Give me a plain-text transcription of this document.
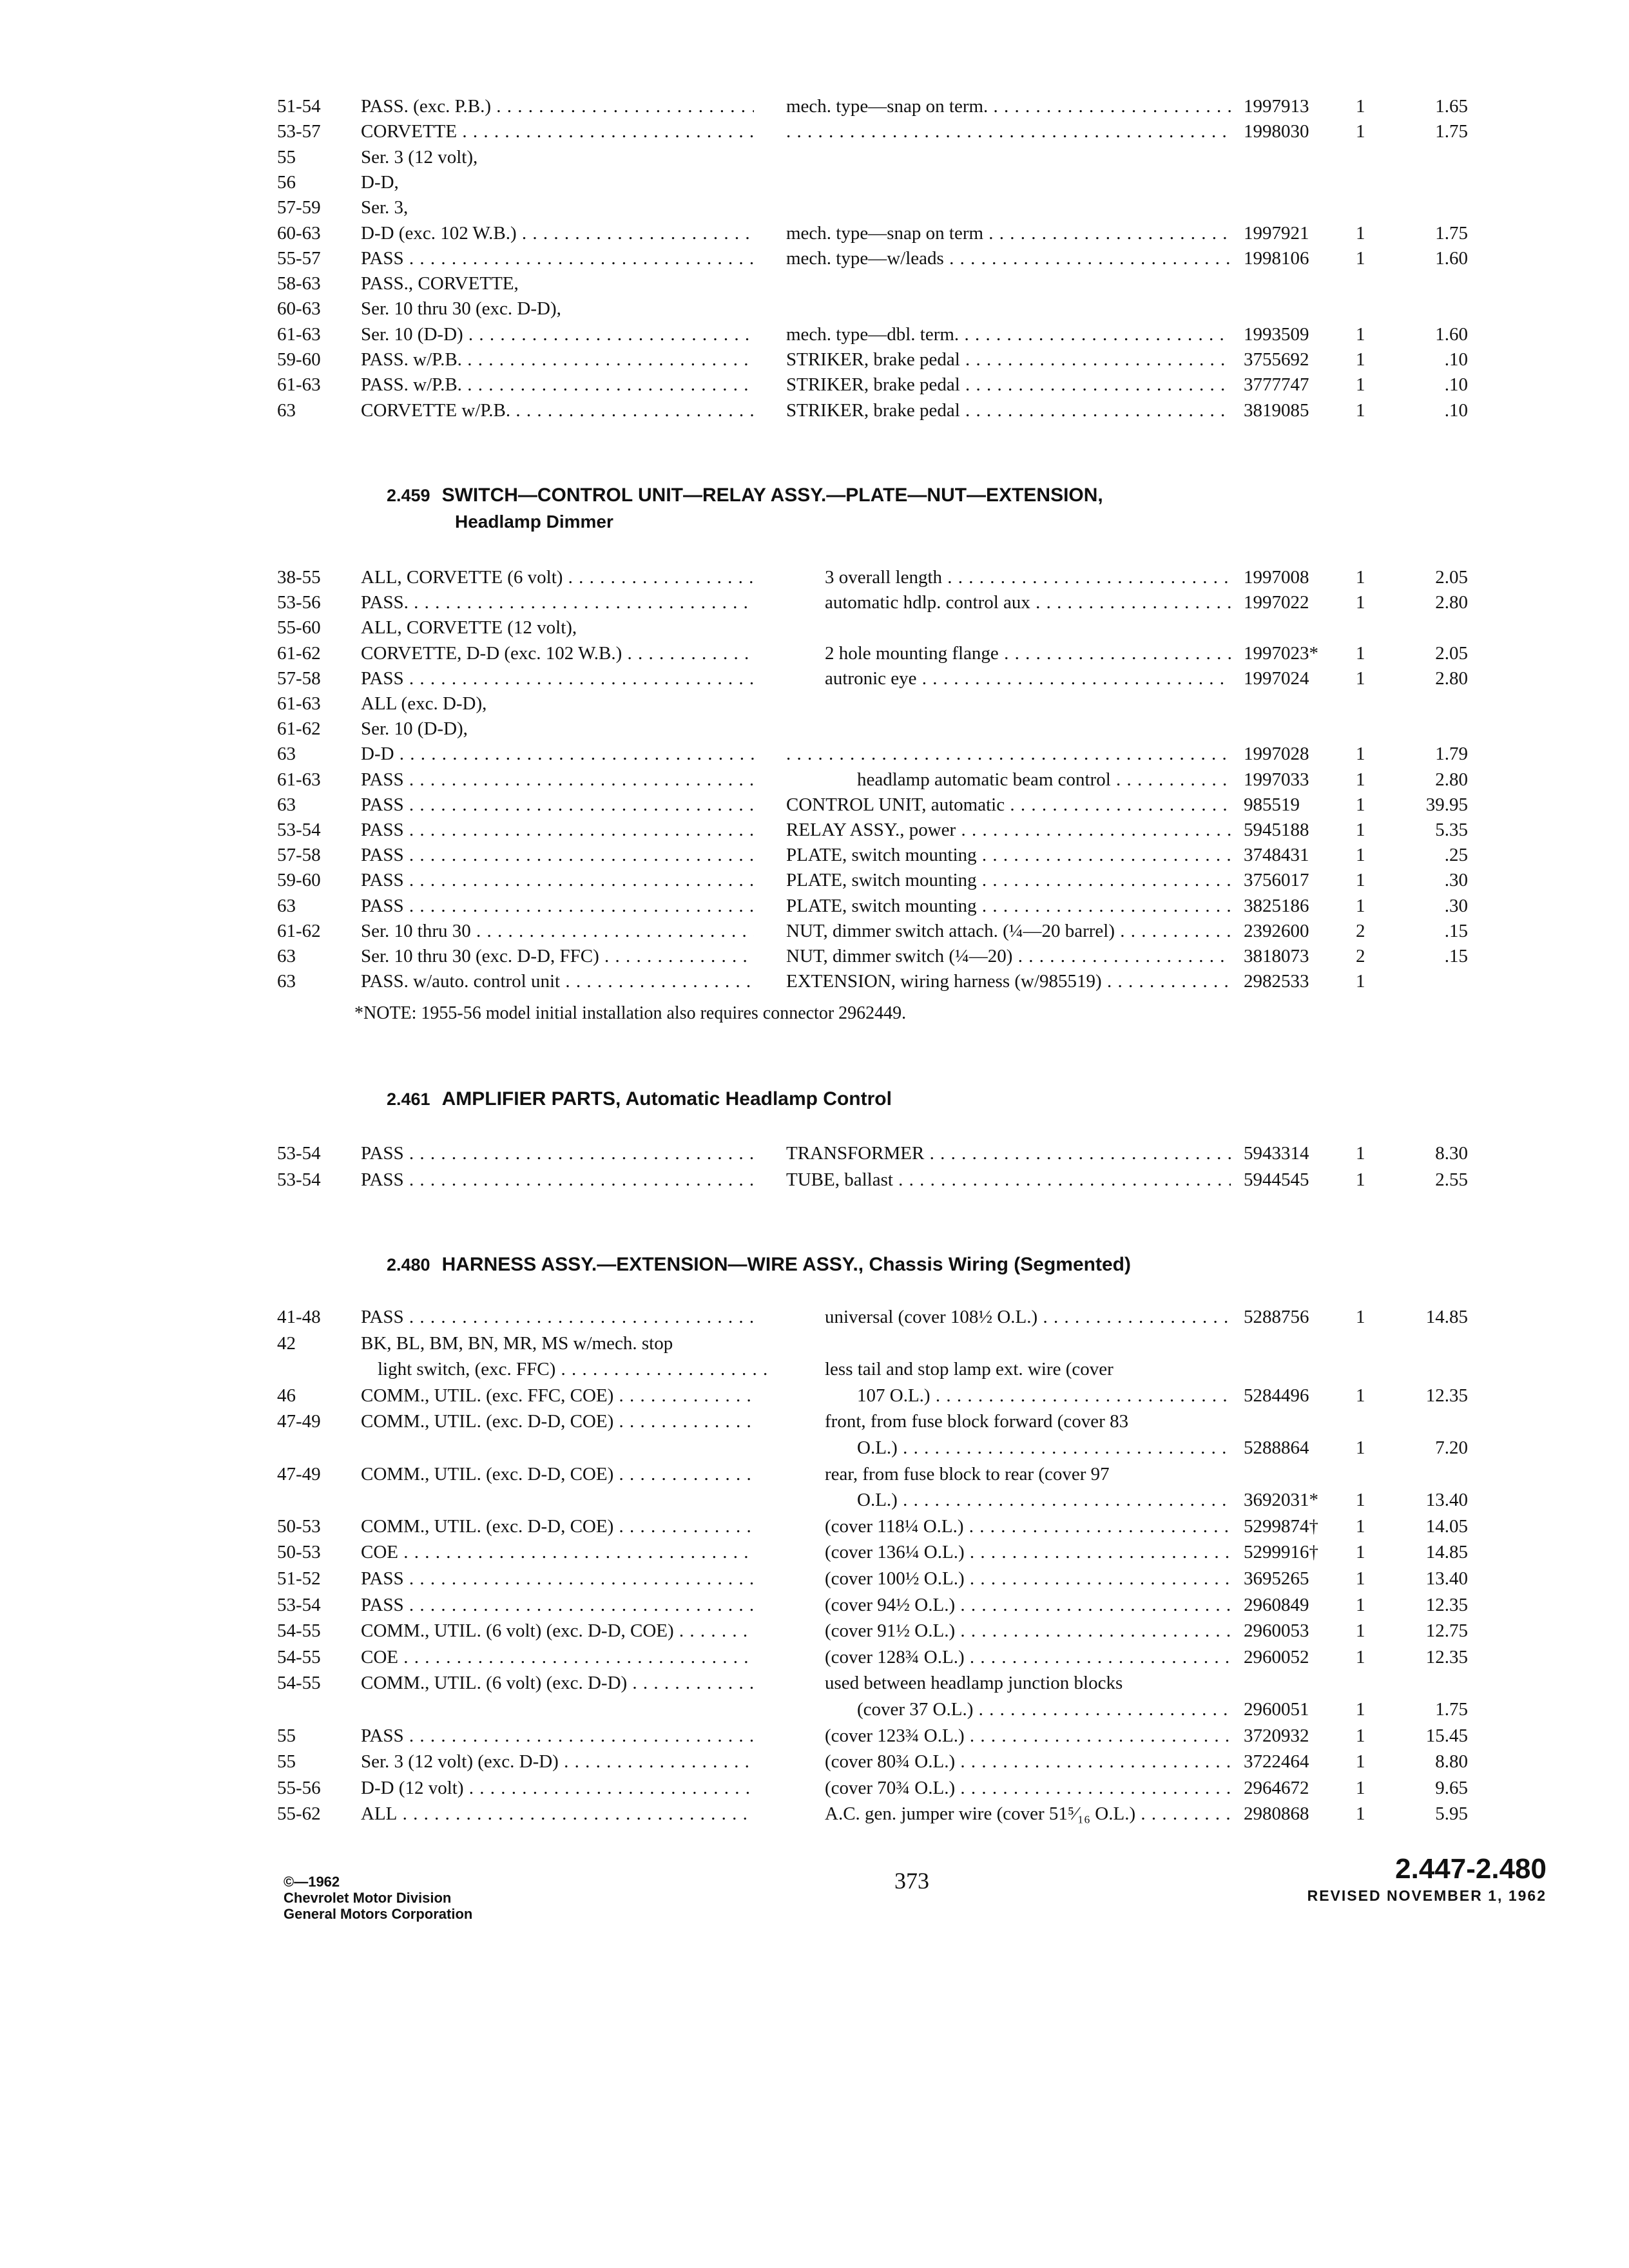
51-54 PASS. (exc. P.B.) . . .	mech. type—snap on term. . . .	1997913	1	1.65
53-57 CORVETTE . . . . . .	1998030	1	1.75
55	Ser. 3 (12 volt),
56	D-D,
57-59 Ser. 3,
60-63 D-D (exc. 102 W.B.) . . .	mech. type—snap on term . . .	1997921	1	1.75
55-57 PASS . . .	mech. type—w/leads . . .	1998106	1	1.60
58-63 PASS., CORVETTE,
60-63 Ser. 10 thru 30 (exc. D-D),
61-63 Ser. 10 (D-D) . . .	mech. type—dbl. term. . . .	1993509	1	1.60
59-60 PASS. w/P.B. . . .	STRIKER, brake pedal . . .	3755692	1	.10
61-63 PASS. w/P.B. . . .	STRIKER, brake pedal . . .	3777747	1	.10
63	CORVETTE w/P.B. . . .	STRIKER, brake pedal . . .	3819085	1	.10
2.459 SWITCH—CONTROL UNIT—RELAY ASSY.—PLATE—NUT—EXTENSION,
Headlamp Dimmer
38-55 ALL, CORVETTE (6 volt) . . .	3 overall length . . .	1997008	1	2.05
53-56 PASS. . . .	automatic hdlp. control aux . . .	1997022	1	2.80
55-60 ALL, CORVETTE (12 volt),
61-62 CORVETTE, D-D (exc. 102 W.B.) . . .	2 hole mounting flange . . .	1997023* 1	2.05
57-58 PASS . . .	autronic eye . . .	1997024	1	2.80
61-63 ALL (exc. D-D),
61-62 Ser. 10 (D-D),
63	D-D . . . . . .	1997028	1	1.79
61-63 PASS . . .	headlamp automatic beam control . . .	1997033	1	2.80
63	PASS . . .	CONTROL UNIT, automatic . . .	985519	1	39.95
53-54 PASS . . .	RELAY ASSY., power . . .	5945188	1	5.35
57-58 PASS . . .	PLATE, switch mounting . . .	3748431	1	.25
59-60 PASS . . .	PLATE, switch mounting . . .	3756017	1	.30
63	PASS . . .	PLATE, switch mounting . . .	3825186	1	.30
61-62 Ser. 10 thru 30 . . .	NUT, dimmer switch attach. (¼—20 barrel) . . .	2392600	2	.15
63	Ser. 10 thru 30 (exc. D-D, FFC) . . .	NUT, dimmer switch (¼—20) . . .	3818073	2	.15
63	PASS. w/auto. control unit . . .	EXTENSION, wiring harness (w/985519) . . .	2982533	1
*NOTE: 1955-56 model initial installation also requires connector 2962449.
2.461 AMPLIFIER PARTS, Automatic Headlamp Control
53-54 PASS . . .	TRANSFORMER . . .	5943314	1	8.30
53-54 PASS . . .	TUBE, ballast . . .	5944545	1	2.55
2.480 HARNESS ASSY.—EXTENSION—WIRE ASSY., Chassis Wiring (Segmented)
41-48 PASS . . .	universal (cover 108½ O.L.) . . .	5288756	1	14.85
42	BK, BL, BM, BN, MR, MS w/mech. stop
light switch, (exc. FFC) . . .	less tail and stop lamp ext. wire (cover
46	COMM., UTIL. (exc. FFC, COE) . . .	107 O.L.) . . .	5284496	1	12.35
47-49 COMM., UTIL. (exc. D-D, COE) . . .	front, from fuse block forward (cover 83
O.L.) . . .	5288864	1	7.20
47-49 COMM., UTIL. (exc. D-D, COE) . . .	rear, from fuse block to rear (cover 97
O.L.) . . .	3692031* 1	13.40
50-53 COMM., UTIL. (exc. D-D, COE) . . .	(cover 118¼ O.L.) . . .	5299874† 1	14.05
50-53 COE . . .	(cover 136¼ O.L.) . . .	5299916† 1	14.85
51-52 PASS . . .	(cover 100½ O.L.) . . .	3695265	1	13.40
53-54 PASS . . .	(cover 94½ O.L.) . . .	2960849	1	12.35
54-55 COMM., UTIL. (6 volt) (exc. D-D, COE) . . .	(cover 91½ O.L.) . . .	2960053	1	12.75
54-55 COE . . .	(cover 128¾ O.L.) . . .	2960052	1	12.35
54-55 COMM., UTIL. (6 volt) (exc. D-D) . . .	used between headlamp junction blocks
(cover 37 O.L.) . . .	2960051	1	1.75
55	PASS . . .	(cover 123¾ O.L.) . . .	3720932	1	15.45
55	Ser. 3 (12 volt) (exc. D-D) . . .	(cover 80¾ O.L.) . . .	3722464	1	8.80
55-56 D-D (12 volt) . . .	(cover 70¾ O.L.) . . .	2964672	1	9.65
55-62 ALL . . .	A.C. gen. jumper wire (cover 51⁵⁄₁₆ O.L.) . . .	2980868	1	5.95
©—1962
Chevrolet Motor Division
General Motors Corporation
373	2.447-2.480
REVISED NOVEMBER 1, 1962
